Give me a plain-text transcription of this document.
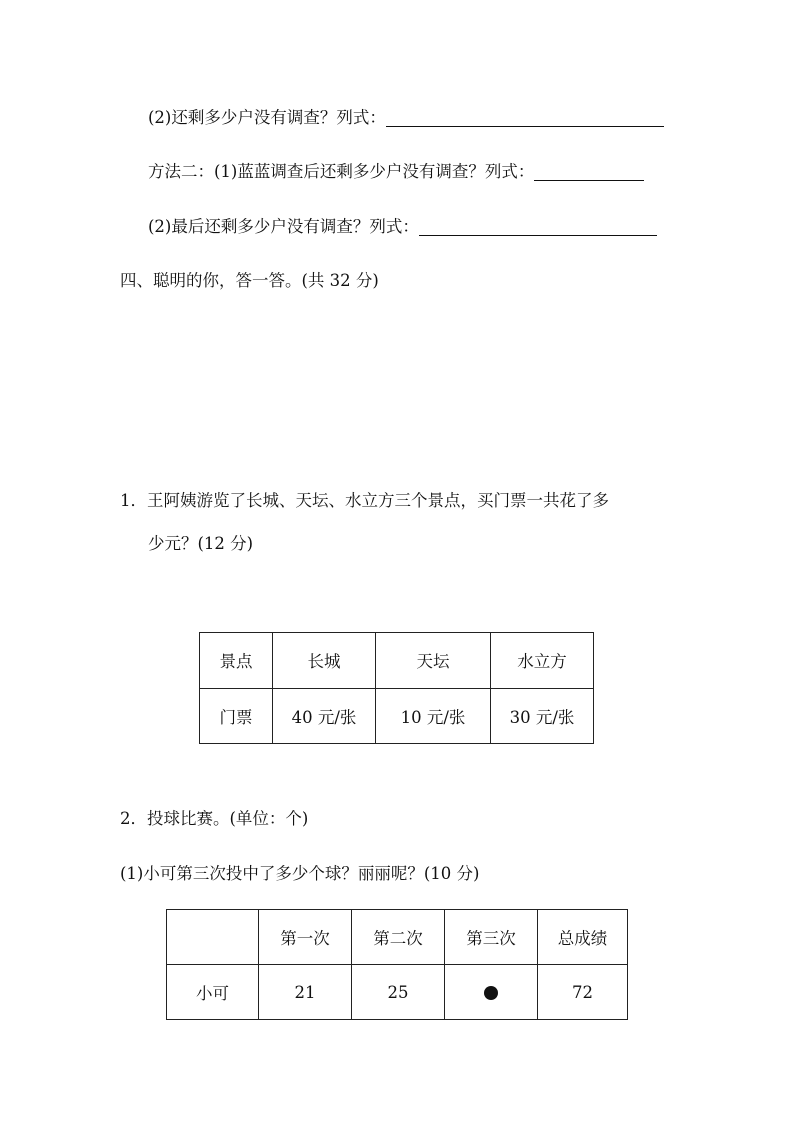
(2)还剩多少户没有调查？列式：
方法二：(1)蓝蓝调查后还剩多少户没有调查？列式：
(2)最后还剩多少户没有调查？列式：
四、聪明的你，答一答。(共 32 分)
1．王阿姨游览了长城、天坛、水立方三个景点，买门票一共花了多
少元？(12 分)
景点	长城	天坛	水立方
门票	40 元/张	10 元/张	30 元/张
2．投球比赛。(单位：个)
(1)小可第三次投中了多少个球？丽丽呢？(10 分)
	第一次	第二次	第三次	总成绩
小可	21	25		72
